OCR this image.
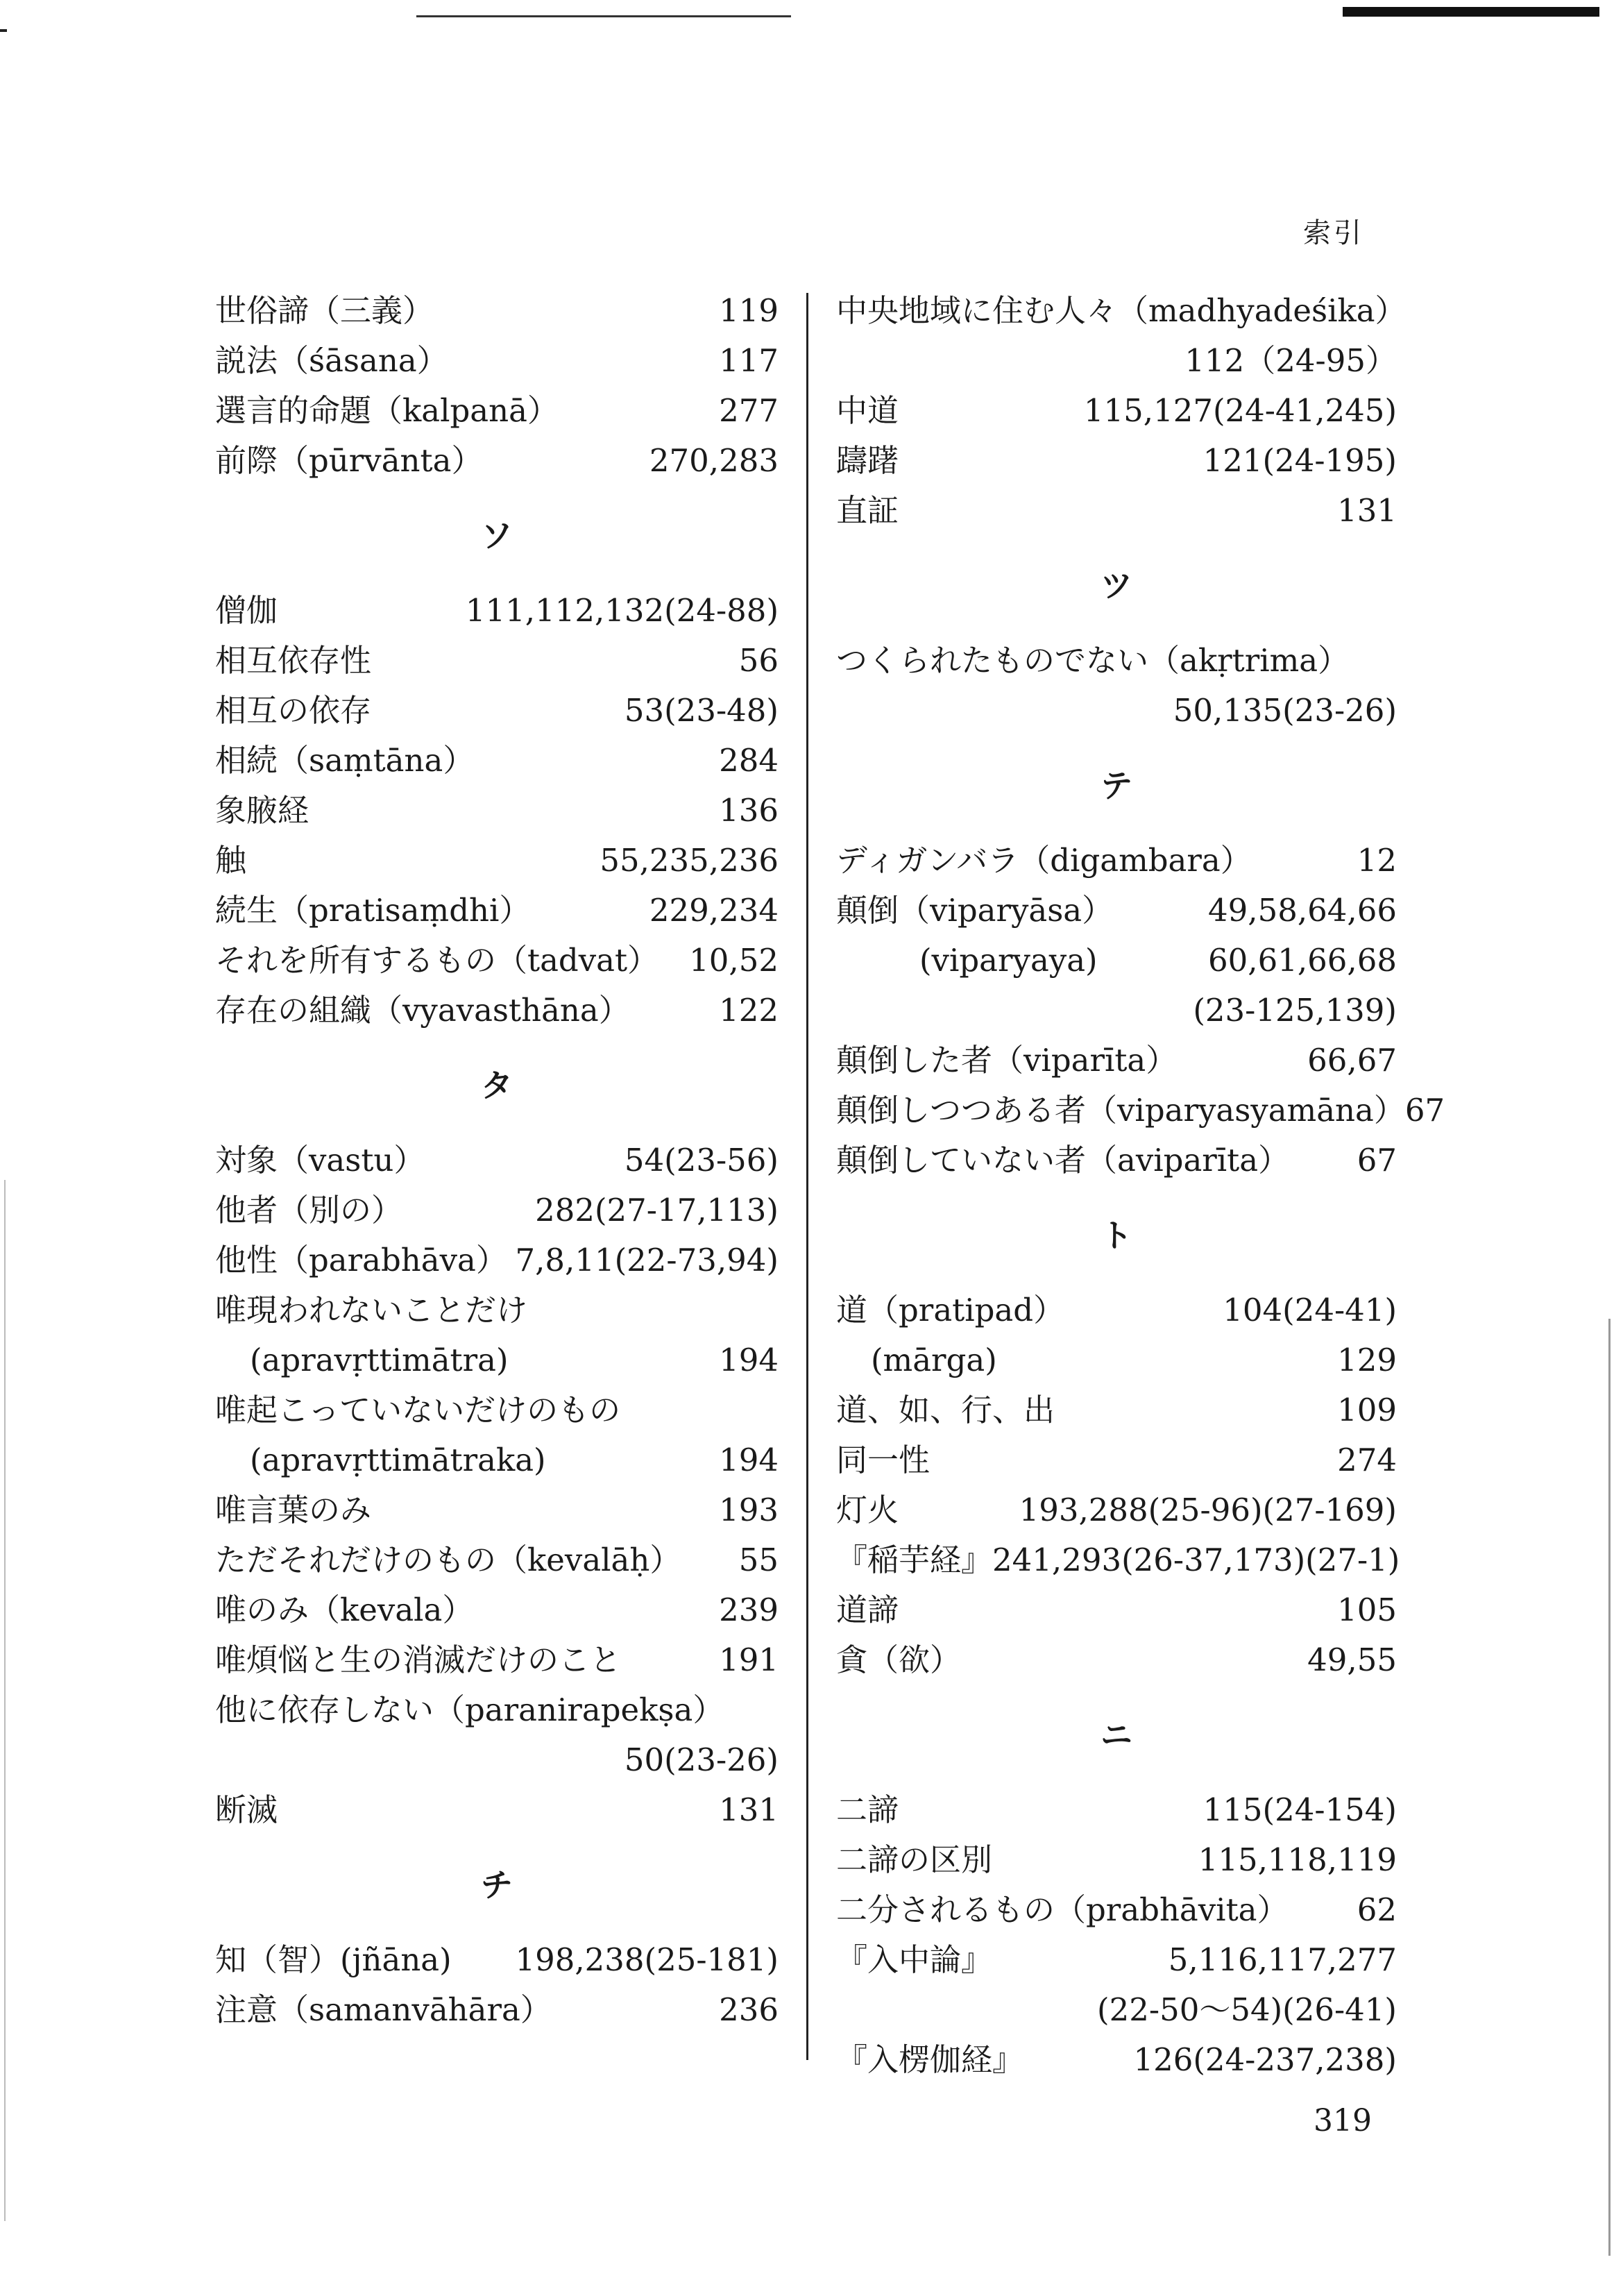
索引
世俗諦（三義）	119
説法（śāsana）	117
選言的命題（kalpanā）	277
前際（pūrvānta）	270,283
ソ
僧伽	111,112,132(24-88)
相互依存性	56
相互の依存	53(23-48)
相続（saṃtāna）	284
象腋経	136
触	55,235,236
続生（pratisaṃdhi）	229,234
それを所有するもの（tadvat） 10,52
存在の組織（vyavasthāna）	122
タ
対象（vastu）	54(23-56)
他者（別の）	282(27-17,113)
他性（parabhāva） 7,8,11(22-73,94)
唯現われないことだけ
(apravṛttimātra)	194
唯起こっていないだけのもの
(apravṛttimātraka)	194
唯言葉のみ	193
ただそれだけのもの（kevalāḥ） 55
唯のみ（kevala）	239
唯煩悩と生の消滅だけのこと	191
他に依存しない（paranirapekṣa）
50(23-26)
断滅	131
チ
知（智）(jñāna) 198,238(25-181)
注意（samanvāhāra）	236
中央地域に住む人々（madhyadeśika）
112（24-95）
中道	115,127(24-41,245)
躊躇	121(24-195)
直証	131
ツ
つくられたものでない（akṛtrima）
50,135(23-26)
テ
ディガンバラ（digambara）	12
顛倒（viparyāsa）	49,58,64,66
(viparyaya)	60,61,66,68
(23-125,139)
顛倒した者（viparīta）	66,67
顛倒しつつある者（viparyasyamāna） 67
顛倒していない者（aviparīta） 67
ト
道（pratipad）	104(24-41)
(mārga)	129
道、如、行、出	109
同一性	274
灯火	193,288(25-96)(27-169)
『稲芋経』 241,293(26-37,173)(27-1)
道諦	105
貪（欲）	49,55
ニ
二諦	115(24-154)
二諦の区別	115,118,119
二分されるもの（prabhāvita） 62
『入中論』	5,116,117,277
(22-50～54)(26-41)
『入楞伽経』	126(24-237,238)
319
